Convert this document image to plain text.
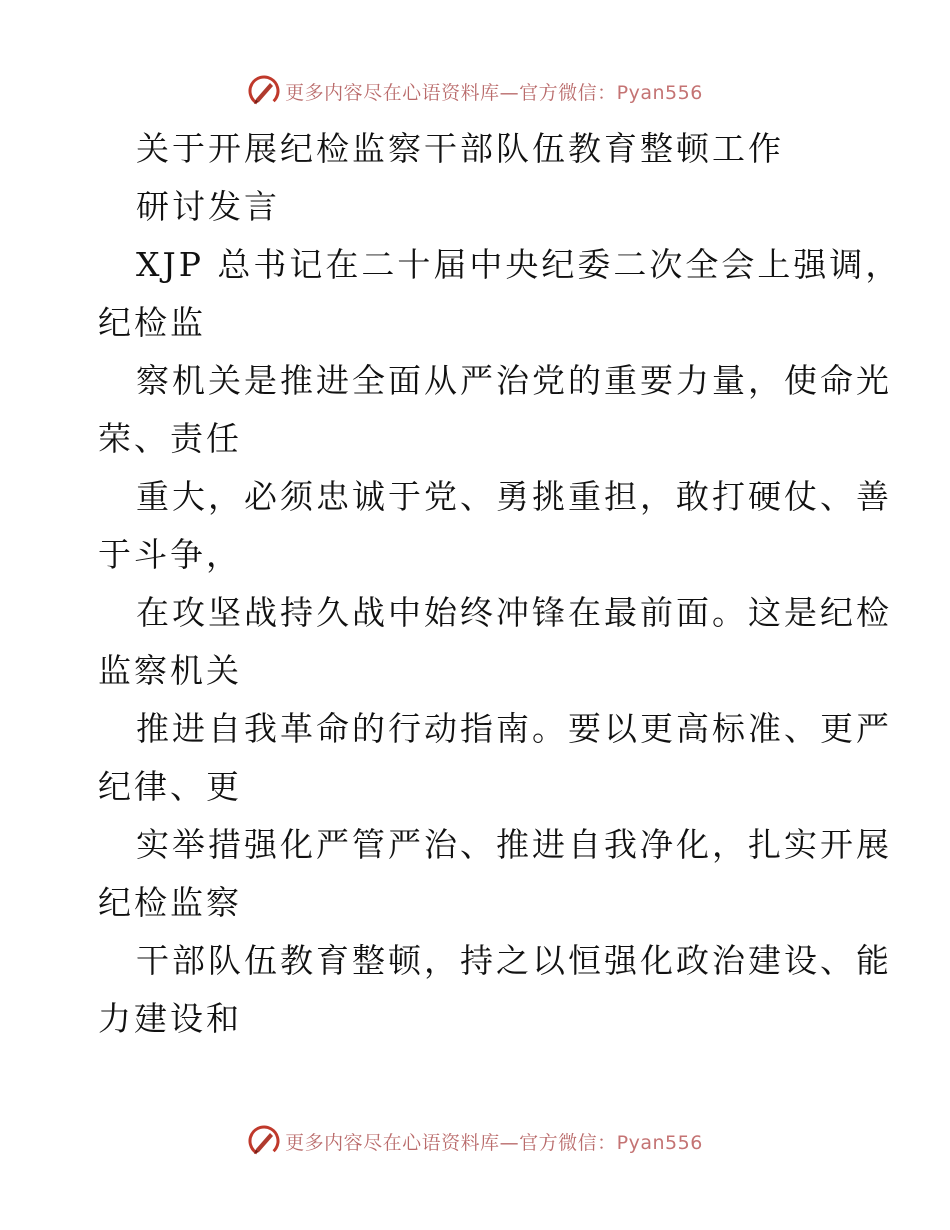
更多内容尽在心语资料库—官方微信：Pyan556
关于开展纪检监察干部队伍教育整顿工作
研讨发言
XJP 总书记在二十届中央纪委二次全会上强调，
纪检监
察机关是推进全面从严治党的重要力量，使命光
荣、责任
重大，必须忠诚于党、勇挑重担，敢打硬仗、善
于斗争，
在攻坚战持久战中始终冲锋在最前面。这是纪检
监察机关
推进自我革命的行动指南。要以更高标准、更严
纪律、更
实举措强化严管严治、推进自我净化，扎实开展
纪检监察
干部队伍教育整顿，持之以恒强化政治建设、能
力建设和
更多内容尽在心语资料库—官方微信：Pyan556
